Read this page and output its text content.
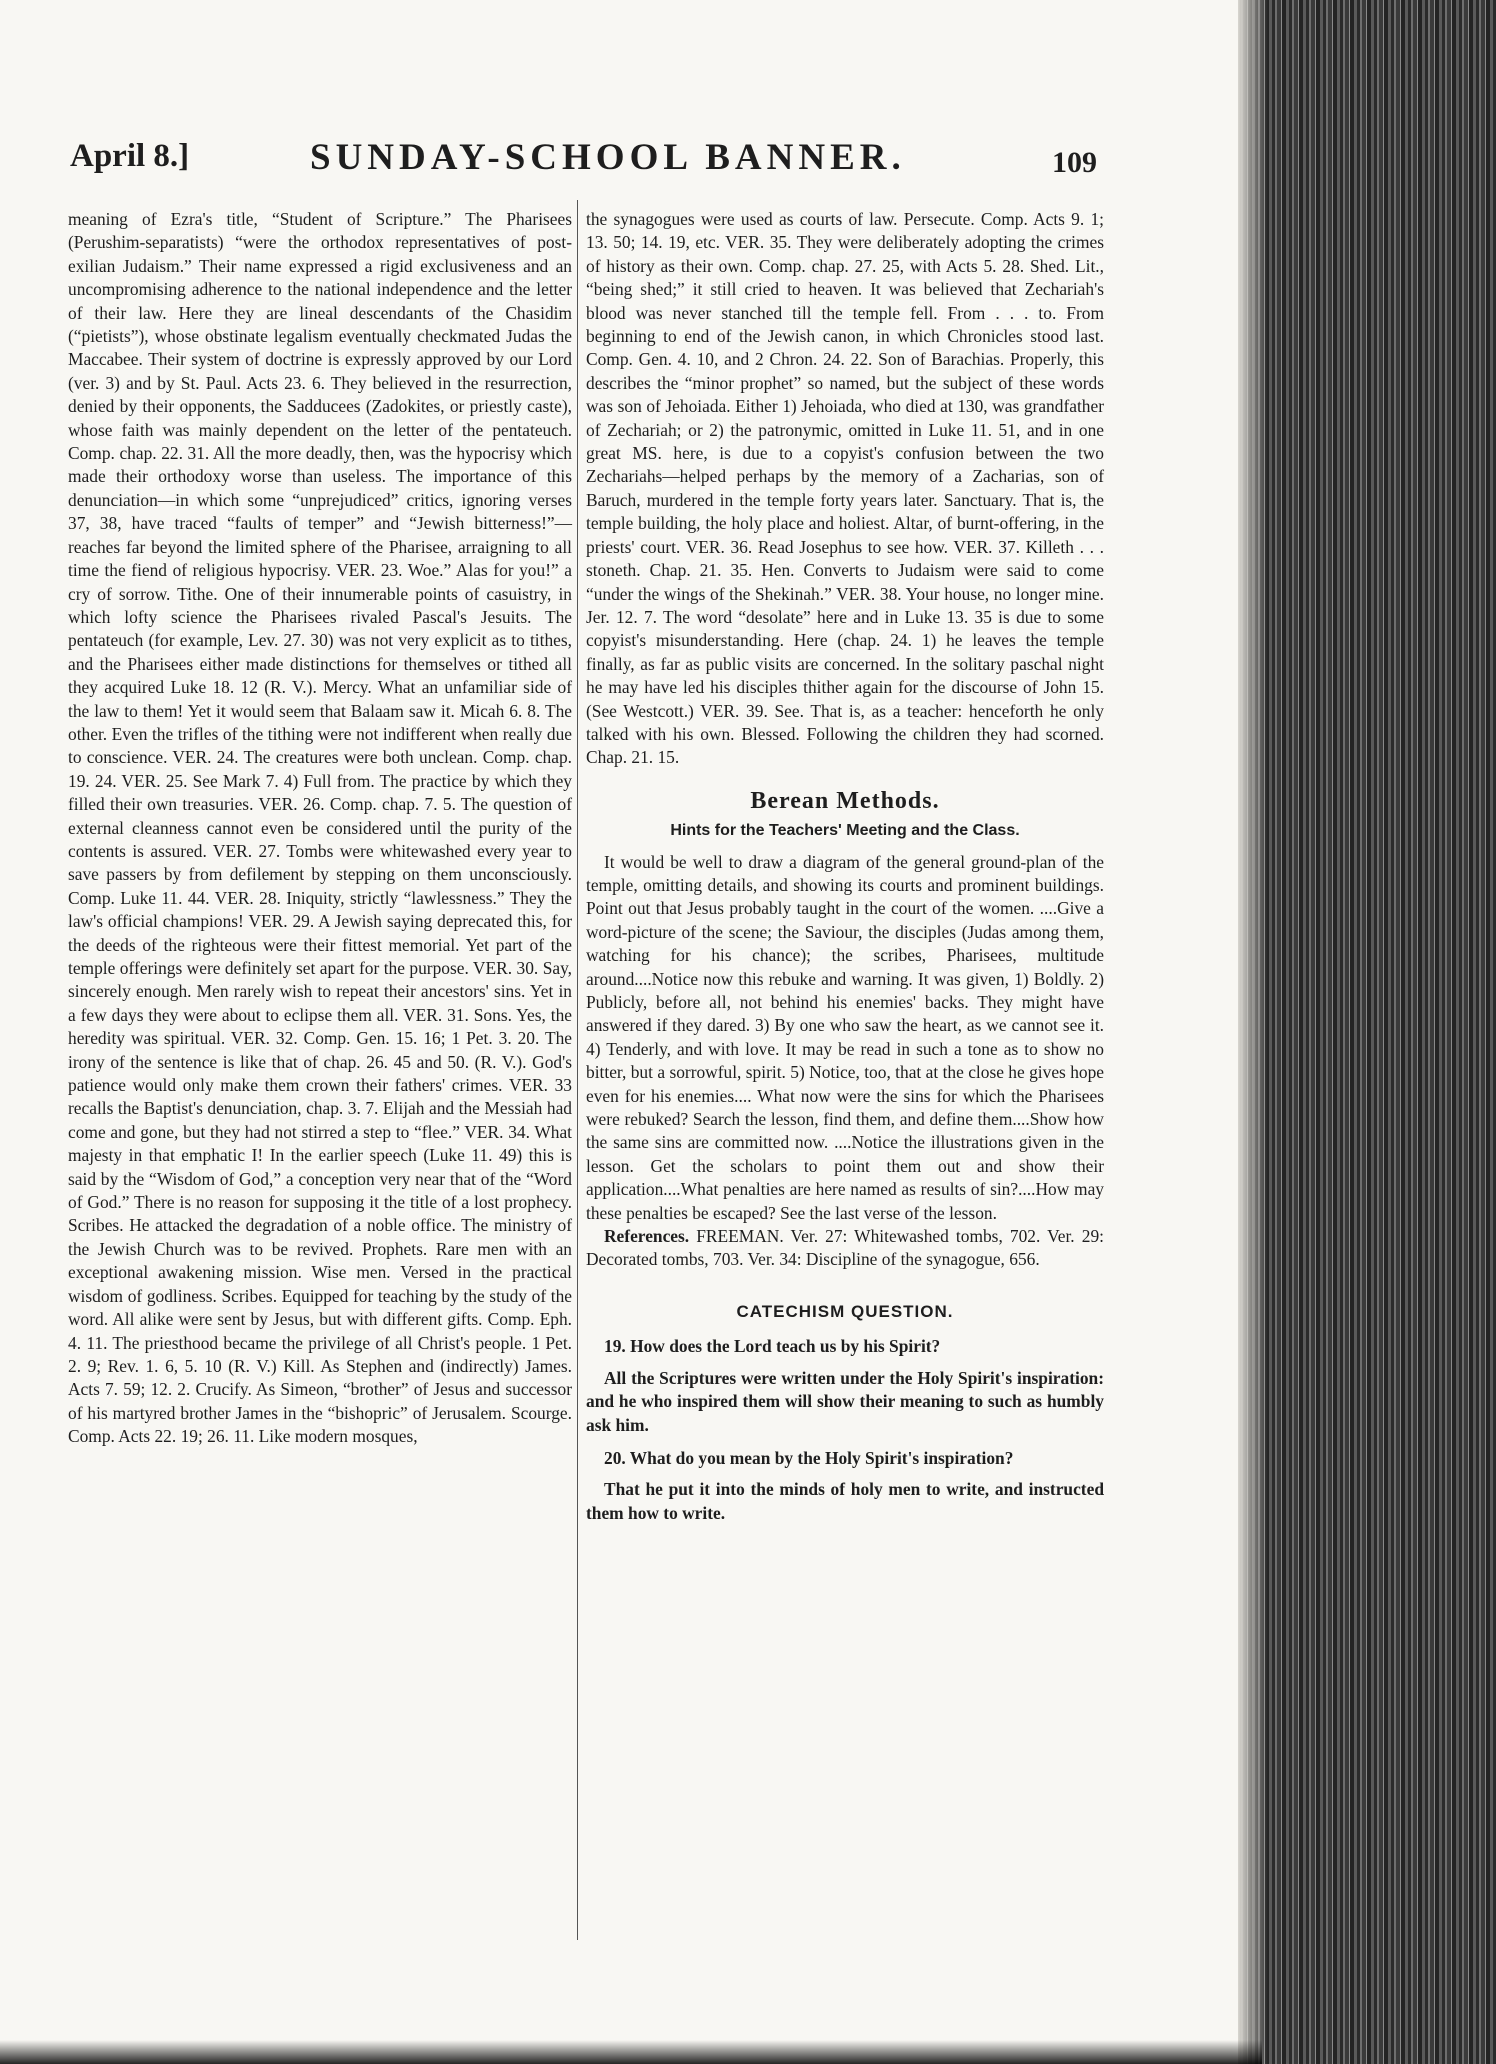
April 8.]	SUNDAY-SCHOOL BANNER.	109

meaning of Ezra's title, “Student of Scripture.” The Pharisees (Perushim-separatists) “were the orthodox representatives of post-exilian Judaism.” Their name expressed a rigid exclusiveness and an uncompromising adherence to the national independence and the letter of their law. Here they are lineal descendants of the Chasidim (“pietists”), whose obstinate legalism eventually checkmated Judas the Maccabee. Their system of doctrine is expressly approved by our Lord (ver. 3) and by St. Paul. Acts 23. 6. They believed in the resurrection, denied by their opponents, the Sadducees (Zadokites, or priestly caste), whose faith was mainly dependent on the letter of the pentateuch. Comp. chap. 22. 31. All the more deadly, then, was the hypocrisy which made their orthodoxy worse than useless. The importance of this denunciation—in which some “unprejudiced” critics, ignoring verses 37, 38, have traced “faults of temper” and “Jewish bitterness!”—reaches far beyond the limited sphere of the Pharisee, arraigning to all time the fiend of religious hypocrisy. VER. 23. Woe.” Alas for you!” a cry of sorrow. Tithe. One of their innumerable points of casuistry, in which lofty science the Pharisees rivaled Pascal's Jesuits. The pentateuch (for example, Lev. 27. 30) was not very explicit as to tithes, and the Pharisees either made distinctions for themselves or tithed all they acquired Luke 18. 12 (R. V.). Mercy. What an unfamiliar side of the law to them! Yet it would seem that Balaam saw it. Micah 6. 8. The other. Even the trifles of the tithing were not indifferent when really due to conscience. VER. 24. The creatures were both unclean. Comp. chap. 19. 24. VER. 25. See Mark 7. 4) Full from. The practice by which they filled their own treasuries. VER. 26. Comp. chap. 7. 5. The question of external cleanness cannot even be considered until the purity of the contents is assured. VER. 27. Tombs were whitewashed every year to save passers by from defilement by stepping on them unconsciously. Comp. Luke 11. 44. VER. 28. Iniquity, strictly “lawlessness.” They the law's official champions! VER. 29. A Jewish saying deprecated this, for the deeds of the righteous were their fittest memorial. Yet part of the temple offerings were definitely set apart for the purpose. VER. 30. Say, sincerely enough. Men rarely wish to repeat their ancestors' sins. Yet in a few days they were about to eclipse them all. VER. 31. Sons. Yes, the heredity was spiritual. VER. 32. Comp. Gen. 15. 16; 1 Pet. 3. 20. The irony of the sentence is like that of chap. 26. 45 and 50. (R. V.). God's patience would only make them crown their fathers' crimes. VER. 33 recalls the Baptist's denunciation, chap. 3. 7. Elijah and the Messiah had come and gone, but they had not stirred a step to “flee.” VER. 34. What majesty in that emphatic I! In the earlier speech (Luke 11. 49) this is said by the “Wisdom of God,” a conception very near that of the “Word of God.” There is no reason for supposing it the title of a lost prophecy. Scribes. He attacked the degradation of a noble office. The ministry of the Jewish Church was to be revived. Prophets. Rare men with an exceptional awakening mission. Wise men. Versed in the practical wisdom of godliness. Scribes. Equipped for teaching by the study of the word. All alike were sent by Jesus, but with different gifts. Comp. Eph. 4. 11. The priesthood became the privilege of all Christ's people. 1 Pet. 2. 9; Rev. 1. 6, 5. 10 (R. V.) Kill. As Stephen and (indirectly) James. Acts 7. 59; 12. 2. Crucify. As Simeon, “brother” of Jesus and successor of his martyred brother James in the “bishopric” of Jerusalem. Scourge. Comp. Acts 22. 19; 26. 11. Like modern mosques,

the synagogues were used as courts of law. Persecute. Comp. Acts 9. 1; 13. 50; 14. 19, etc. VER. 35. They were deliberately adopting the crimes of history as their own. Comp. chap. 27. 25, with Acts 5. 28. Shed. Lit., “being shed;” it still cried to heaven. It was believed that Zechariah's blood was never stanched till the temple fell. From . . . to. From beginning to end of the Jewish canon, in which Chronicles stood last. Comp. Gen. 4. 10, and 2 Chron. 24. 22. Son of Barachias. Properly, this describes the “minor prophet” so named, but the subject of these words was son of Jehoiada. Either 1) Jehoiada, who died at 130, was grandfather of Zechariah; or 2) the patronymic, omitted in Luke 11. 51, and in one great MS. here, is due to a copyist's confusion between the two Zechariahs—helped perhaps by the memory of a Zacharias, son of Baruch, murdered in the temple forty years later. Sanctuary. That is, the temple building, the holy place and holiest. Altar, of burnt-offering, in the priests' court. VER. 36. Read Josephus to see how. VER. 37. Killeth . . . stoneth. Chap. 21. 35. Hen. Converts to Judaism were said to come “under the wings of the Shekinah.” VER. 38. Your house, no longer mine. Jer. 12. 7. The word “desolate” here and in Luke 13. 35 is due to some copyist's misunderstanding. Here (chap. 24. 1) he leaves the temple finally, as far as public visits are concerned. In the solitary paschal night he may have led his disciples thither again for the discourse of John 15. (See Westcott.) VER. 39. See. That is, as a teacher: henceforth he only talked with his own. Blessed. Following the children they had scorned. Chap. 21. 15.

Berean Methods.
Hints for the Teachers' Meeting and the Class.

It would be well to draw a diagram of the general ground-plan of the temple, omitting details, and showing its courts and prominent buildings. Point out that Jesus probably taught in the court of the women. ....Give a word-picture of the scene; the Saviour, the disciples (Judas among them, watching for his chance); the scribes, Pharisees, multitude around....Notice now this rebuke and warning. It was given, 1) Boldly. 2) Publicly, before all, not behind his enemies' backs. They might have answered if they dared. 3) By one who saw the heart, as we cannot see it. 4) Tenderly, and with love. It may be read in such a tone as to show no bitter, but a sorrowful, spirit. 5) Notice, too, that at the close he gives hope even for his enemies.... What now were the sins for which the Pharisees were rebuked? Search the lesson, find them, and define them....Show how the same sins are committed now. ....Notice the illustrations given in the lesson. Get the scholars to point them out and show their application....What penalties are here named as results of sin?....How may these penalties be escaped? See the last verse of the lesson.

References. FREEMAN. Ver. 27: Whitewashed tombs, 702. Ver. 29: Decorated tombs, 703. Ver. 34: Discipline of the synagogue, 656.

CATECHISM QUESTION.

19. How does the Lord teach us by his Spirit?

All the Scriptures were written under the Holy Spirit's inspiration: and he who inspired them will show their meaning to such as humbly ask him.

20. What do you mean by the Holy Spirit's inspiration?

That he put it into the minds of holy men to write, and instructed them how to write.
